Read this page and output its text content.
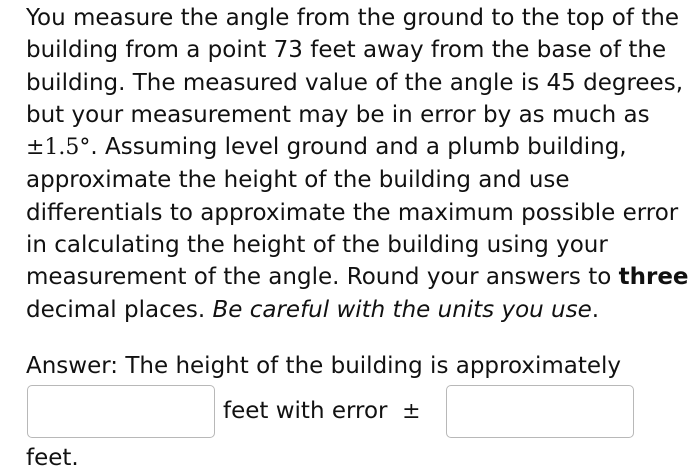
You measure the angle from the ground to the top of the
building from a point 73 feet away from the base of the
building. The measured value of the angle is 45 degrees,
but your measurement may be in error by as much as
±1.5°. Assuming level ground and a plumb building,
approximate the height of the building and use
differentials to approximate the maximum possible error
in calculating the height of the building using your
measurement of the angle. Round your answers to three
decimal places. Be careful with the units you use.
Answer: The height of the building is approximately
feet with error ±
feet.
